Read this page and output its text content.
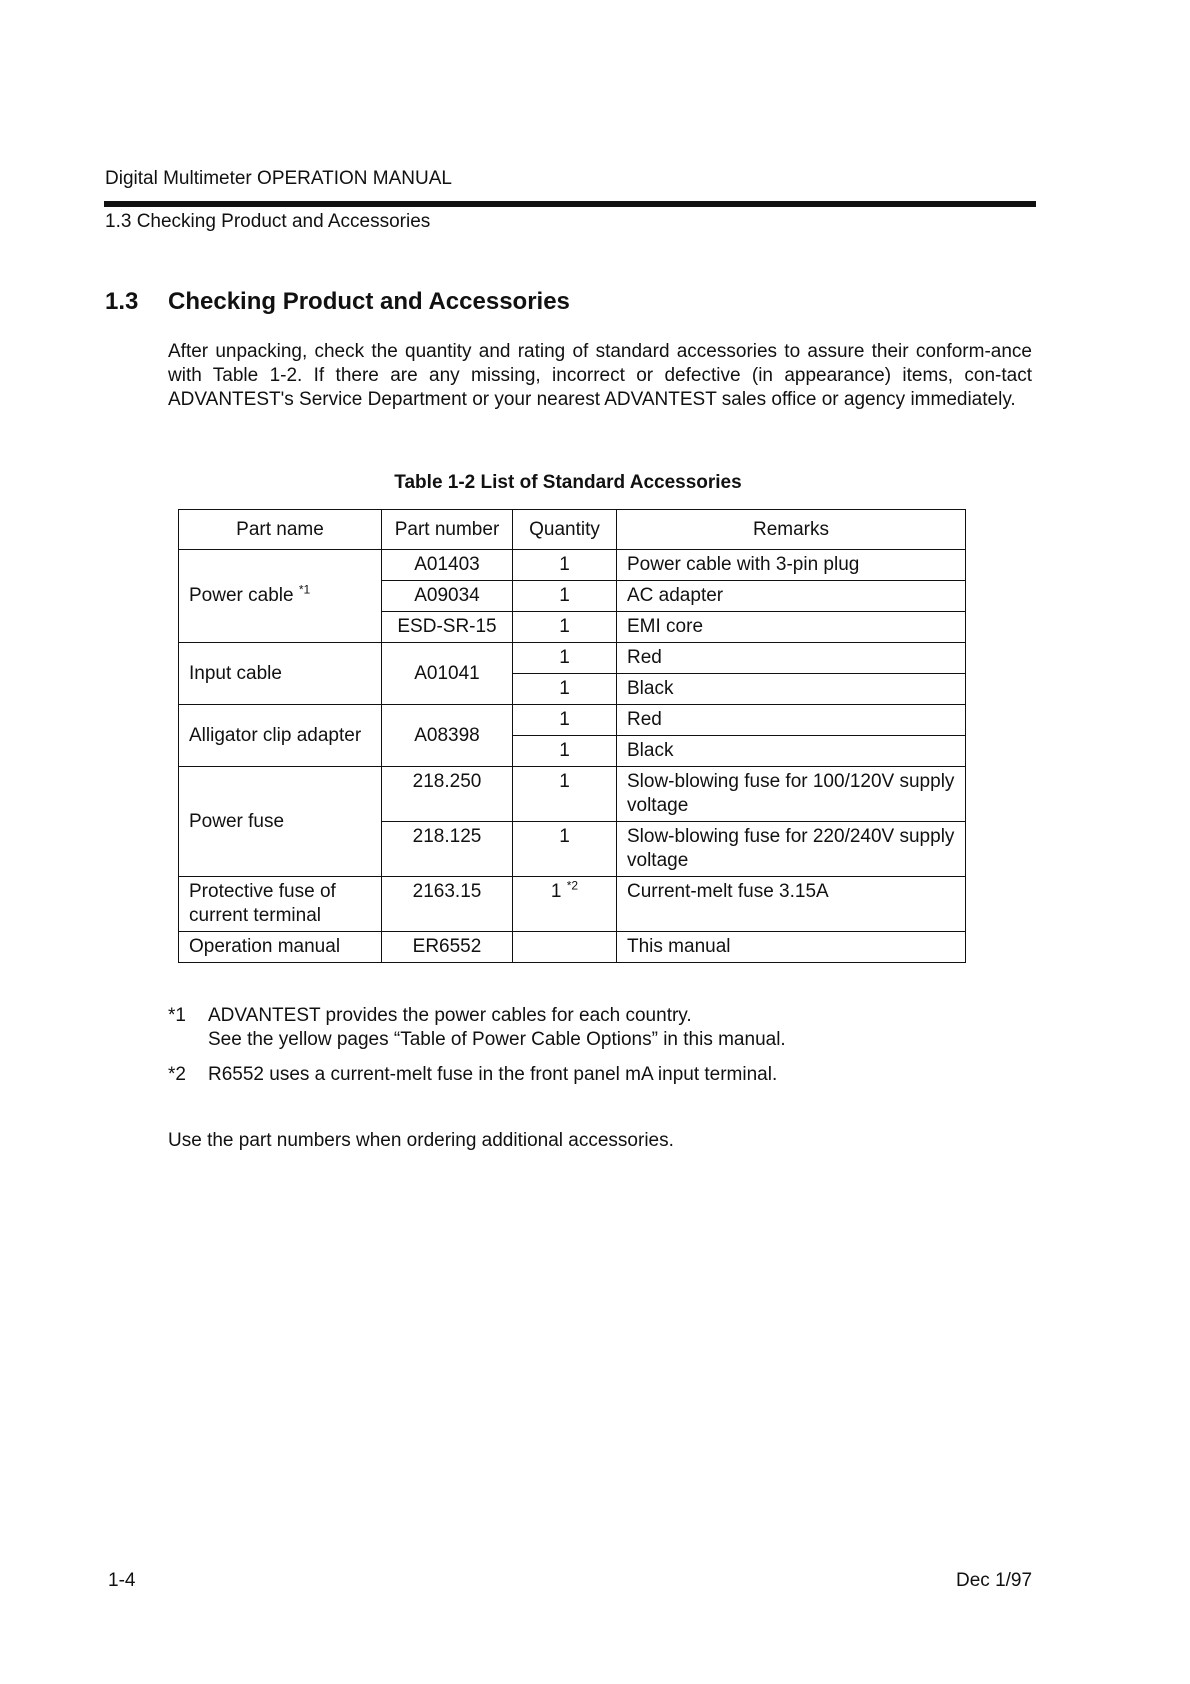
Digital Multimeter OPERATION MANUAL
1.3 Checking Product and Accessories
1.3 Checking Product and Accessories
After unpacking, check the quantity and rating of standard accessories to assure their conform-ance with Table 1-2. If there are any missing, incorrect or defective (in appearance) items, con-tact ADVANTEST's Service Department or your nearest ADVANTEST sales office or agency immediately.
Table 1-2 List of Standard Accessories
Part name	Part number	Quantity	Remarks
Power cable $^{*1}$	A01403	1	Power cable with 3-pin plug
	A09034	1	AC adapter
	ESD-SR-15	1	EMI core
Input cable	A01041	1	Red
		1	Black
Alligator clip adapter	A08398	1	Red
		1	Black
Power fuse	218.250	1	Slow-blowing fuse for 100/120V supply voltage
	218.125	1	Slow-blowing fuse for 220/240V supply voltage
Protective fuse of current terminal	2163.15	1 $^{*2}$	Current-melt fuse 3.15A
Operation manual	ER6552		This manual
*1 ADVANTEST provides the power cables for each country.
See the yellow pages “Table of Power Cable Options” in this manual.
*2 R6552 uses a current-melt fuse in the front panel mA input terminal.
Use the part numbers when ordering additional accessories.
1-4	Dec 1/97
